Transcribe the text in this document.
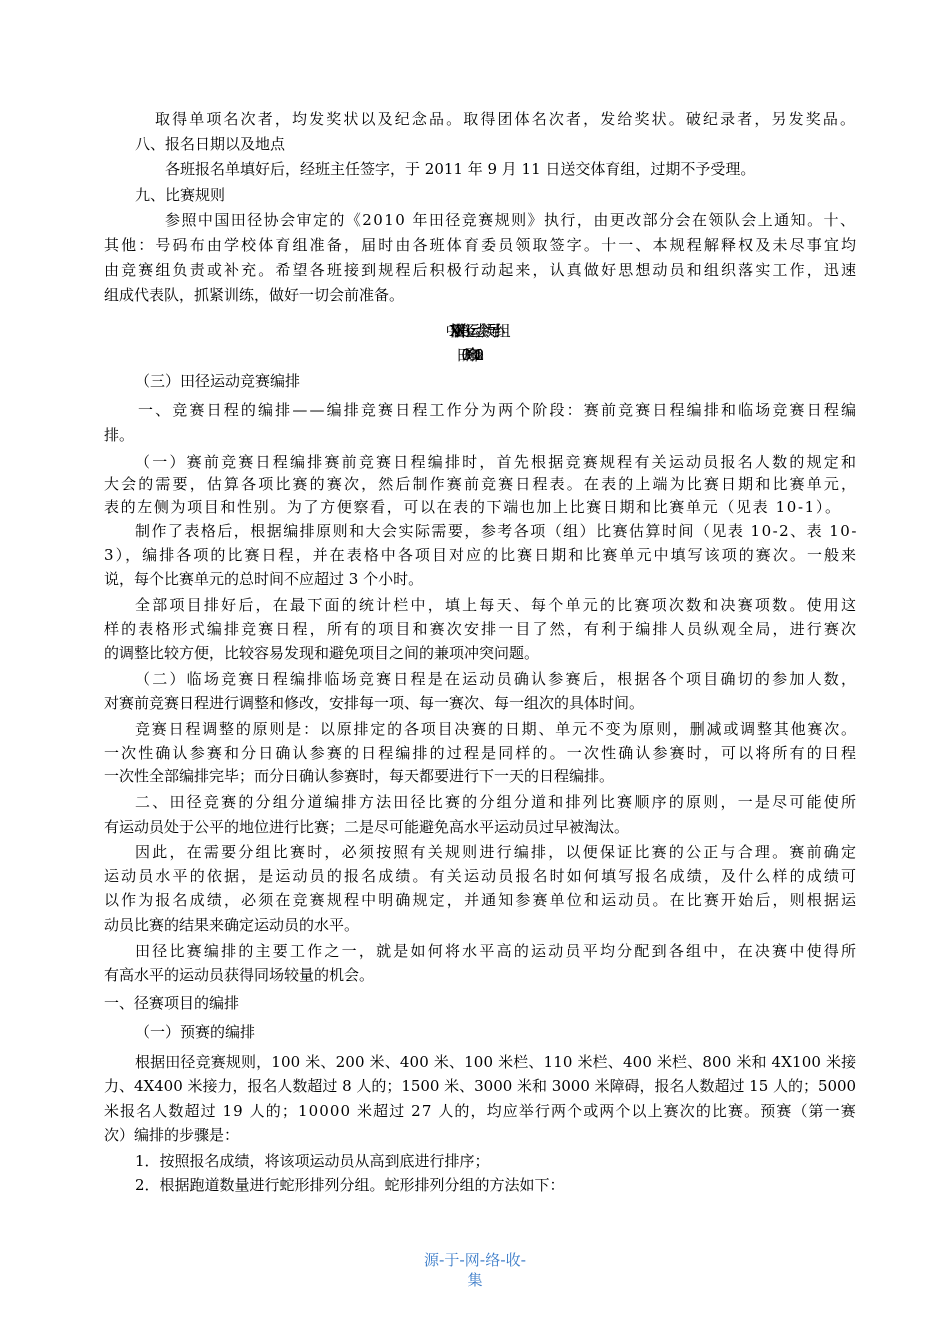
取得单项名次者，均发奖状以及纪念品。取得团体名次者，发给奖状。破纪录者，另发奖品。
八、报名日期以及地点
各班报名单填好后，经班主任签字，于 2011 年 9 月 11 日送交体育组，过期不予受理。
九、比赛规则
参照中国田径协会审定的《2010 年田径竞赛规则》执行，由更改部分会在领队会上通知。十、
其他：号码布由学校体育组准备，届时由各班体育委员领取签字。十一、本规程解释权及未尽事宜均
由竞赛组负责或补充。希望各班接到规程后积极行动起来，认真做好思想动员和组织落实工作，迅速
组成代表队，抓紧训练，做好一切会前准备。
XX 中学第 X 届田径运动会领导小组
（三）田径运动竞赛编排
一、竞赛日程的编排——编排竞赛日程工作分为两个阶段：赛前竞赛日程编排和临场竞赛日程编
排。
（一）赛前竞赛日程编排赛前竞赛日程编排时，首先根据竞赛规程有关运动员报名人数的规定和
大会的需要，估算各项比赛的赛次，然后制作赛前竞赛日程表。在表的上端为比赛日期和比赛单元，
表的左侧为项目和性别。为了方便察看，可以在表的下端也加上比赛日期和比赛单元（见表 10-1）。
制作了表格后，根据编排原则和大会实际需要，参考各项（组）比赛估算时间（见表 10-2、表 10-
3），编排各项的比赛日程，并在表格中各项目对应的比赛日期和比赛单元中填写该项的赛次。一般来
说，每个比赛单元的总时间不应超过 3 个小时。
全部项目排好后，在最下面的统计栏中，填上每天、每个单元的比赛项次数和决赛项数。使用这
样的表格形式编排竞赛日程，所有的项目和赛次安排一目了然，有利于编排人员纵观全局，进行赛次
的调整比较方便，比较容易发现和避免项目之间的兼项冲突问题。
（二）临场竞赛日程编排临场竞赛日程是在运动员确认参赛后，根据各个项目确切的参加人数，
对赛前竞赛日程进行调整和修改，安排每一项、每一赛次、每一组次的具体时间。
竞赛日程调整的原则是：以原排定的各项目决赛的日期、单元不变为原则，删减或调整其他赛次。
一次性确认参赛和分日确认参赛的日程编排的过程是同样的。一次性确认参赛时，可以将所有的日程
一次性全部编排完毕；而分日确认参赛时，每天都要进行下一天的日程编排。
二、田径竞赛的分组分道编排方法田径比赛的分组分道和排列比赛顺序的原则，一是尽可能使所
有运动员处于公平的地位进行比赛；二是尽可能避免高水平运动员过早被淘汰。
因此，在需要分组比赛时，必须按照有关规则进行编排，以便保证比赛的公正与合理。赛前确定
运动员水平的依据，是运动员的报名成绩。有关运动员报名时如何填写报名成绩，及什么样的成绩可
以作为报名成绩，必须在竞赛规程中明确规定，并通知参赛单位和运动员。在比赛开始后，则根据运
动员比赛的结果来确定运动员的水平。
田径比赛编排的主要工作之一，就是如何将水平高的运动员平均分配到各组中，在决赛中使得所
有高水平的运动员获得同场较量的机会。
一、径赛项目的编排
（一）预赛的编排
根据田径竞赛规则，100 米、200 米、400 米、100 米栏、110 米栏、400 米栏、800 米和 4X100 米接
力、4X400 米接力，报名人数超过 8 人的；1500 米、3000 米和 3000 米障碍，报名人数超过 15 人的；5000
米报名人数超过 19 人的；10000 米超过 27 人的，均应举行两个或两个以上赛次的比赛。预赛（第一赛
次）编排的步骤是：
1．按照报名成绩，将该项运动员从高到底进行排序；
2．根据跑道数量进行蛇形排列分组。蛇形排列分组的方法如下：
源-于-网-络-收-
集
